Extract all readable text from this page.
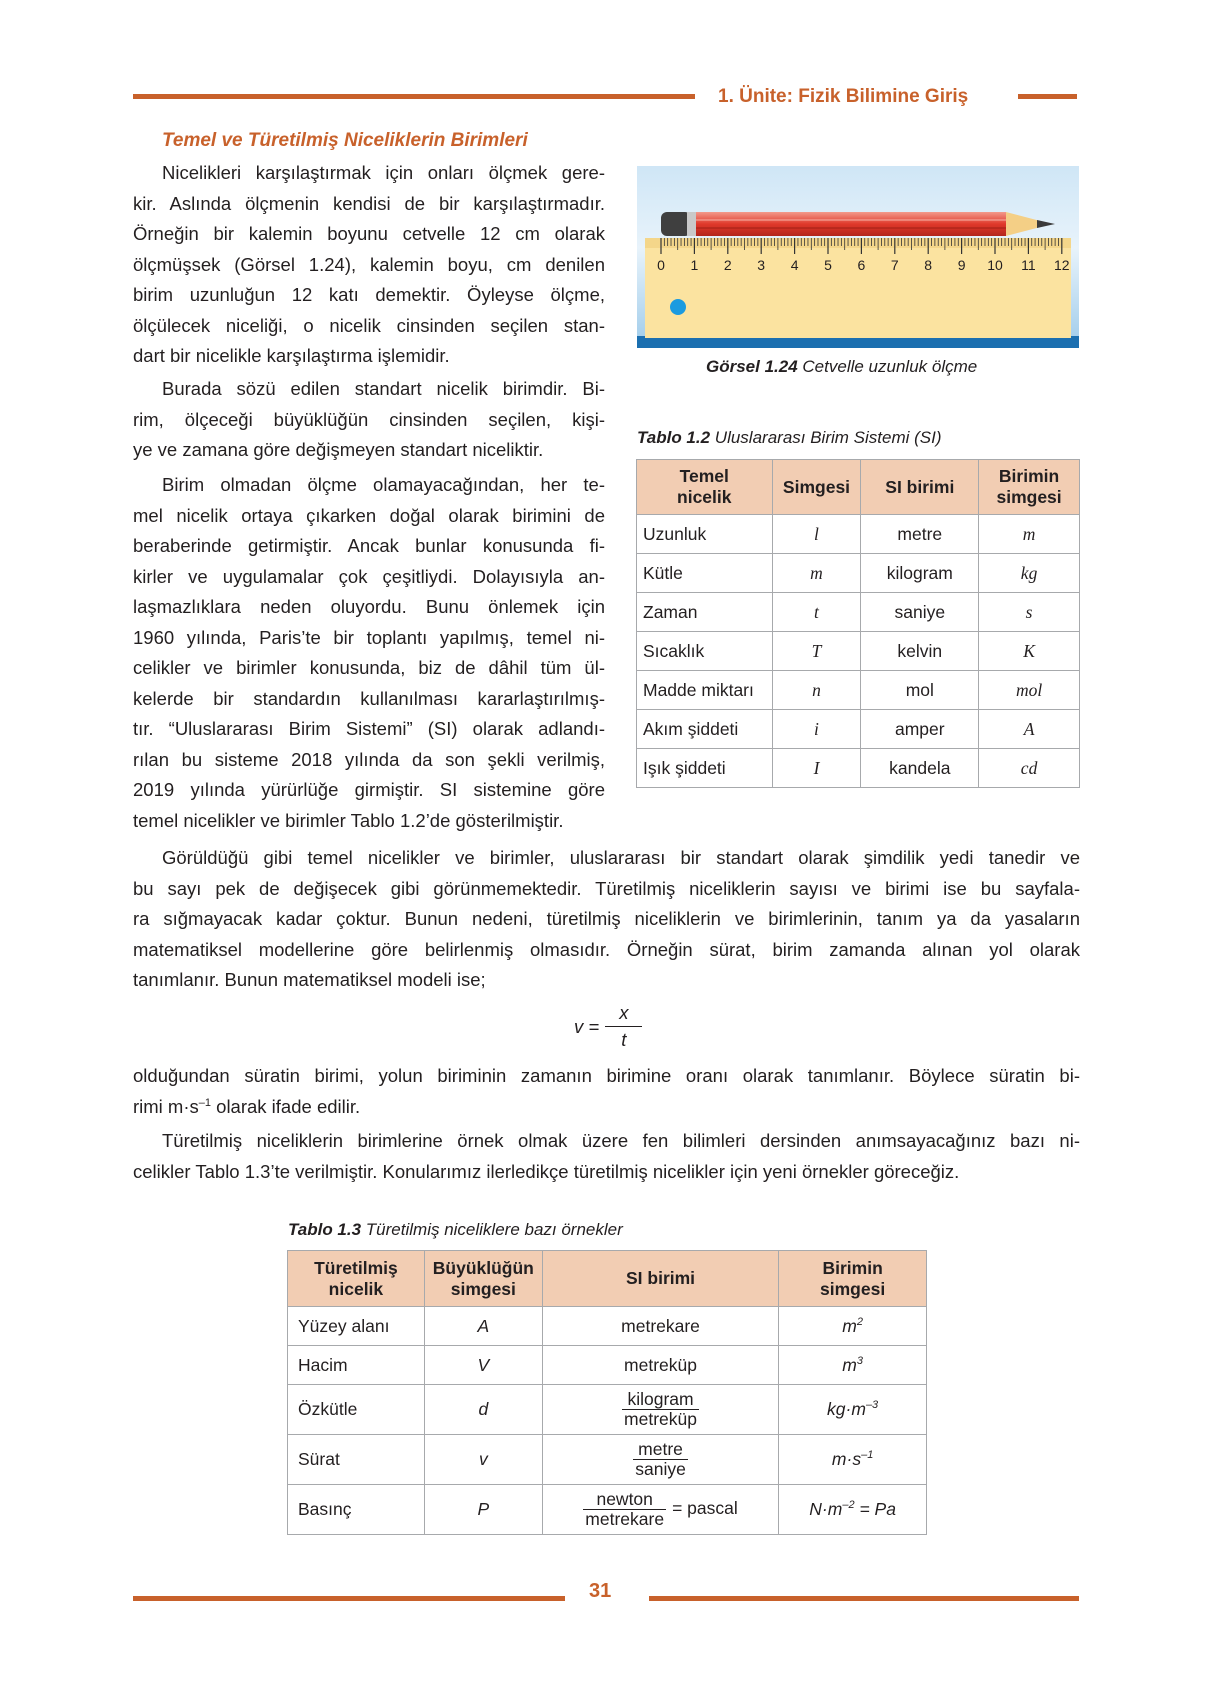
1. Ünite: Fizik Bilimine Giriş
Temel ve Türetilmiş Niceliklerin Birimleri
Nicelikleri karşılaştırmak için onları ölçmek gere-
kir. Aslında ölçmenin kendisi de bir karşılaştırmadır.
Örneğin bir kalemin boyunu cetvelle 12 cm olarak
ölçmüşsek (Görsel 1.24), kalemin boyu, cm denilen
birim uzunluğun 12 katı demektir. Öyleyse ölçme,
ölçülecek niceliği, o nicelik cinsinden seçilen stan-
dart bir nicelikle karşılaştırma işlemidir.
Burada sözü edilen standart nicelik birimdir. Bi-
rim, ölçeceği büyüklüğün cinsinden seçilen, kişi-
ye ve zamana göre değişmeyen standart niceliktir.
Birim olmadan ölçme olamayacağından, her te-
mel nicelik ortaya çıkarken doğal olarak birimini de
beraberinde getirmiştir. Ancak bunlar konusunda fi-
kirler ve uygulamalar çok çeşitliydi. Dolayısıyla an-
laşmazlıklara neden oluyordu. Bunu önlemek için
1960 yılında, Paris’te bir toplantı yapılmış, temel ni-
celikler ve birimler konusunda, biz de dâhil tüm ül-
kelerde bir standardın kullanılması kararlaştırılmış-
tır. “Uluslararası Birim Sistemi” (SI) olarak adlandı-
rılan bu sisteme 2018 yılında da son şekli verilmiş,
2019 yılında yürürlüğe girmiştir. SI sistemine göre
temel nicelikler ve birimler Tablo 1.2’de gösterilmiştir.
0 1 2 3 4 5 6 7 8 9 10 11 12
Görsel 1.24 Cetvelle uzunluk ölçme
Tablo 1.2 Uluslararası Birim Sistemi (SI)
Temel
nicelik	Simgesi	SI birimi	Birimin
simgesi
Uzunluk	l	metre	m
Kütle	m	kilogram	kg
Zaman	t	saniye	s
Sıcaklık	T	kelvin	K
Madde miktarı	n	mol	mol
Akım şiddeti	i	amper	A
Işık şiddeti	I	kandela	cd
Görüldüğü gibi temel nicelikler ve birimler, uluslararası bir standart olarak şimdilik yedi tanedir ve
bu sayı pek de değişecek gibi görünmemektedir. Türetilmiş niceliklerin sayısı ve birimi ise bu sayfala-
ra sığmayacak kadar çoktur. Bunun nedeni, türetilmiş niceliklerin ve birimlerinin, tanım ya da yasaların
matematiksel modellerine göre belirlenmiş olmasıdır. Örneğin sürat, birim zamanda alınan yol olarak
tanımlanır. Bunun matematiksel modeli ise;
$v = \frac{x}{t}$
olduğundan süratin birimi, yolun biriminin zamanın birimine oranı olarak tanımlanır. Böylece süratin bi-
rimi $m\cdot s^{-1}$ olarak ifade edilir.
Türetilmiş niceliklerin birimlerine örnek olmak üzere fen bilimleri dersinden anımsayacağınız bazı ni-
celikler Tablo 1.3’te verilmiştir. Konularımız ilerledikçe türetilmiş nicelikler için yeni örnekler göreceğiz.
Tablo 1.3 Türetilmiş niceliklere bazı örnekler
Türetilmiş
nicelik	Büyüklüğün
simgesi	SI birimi	Birimin
simgesi
Yüzey alanı	A	metrekare	$m^2$
Hacim	V	metreküp	$m^3$
Özkütle	d	$\frac{\text{kilogram}}{\text{metreküp}}$	$kg\cdot m^{-3}$
Sürat	v	$\frac{\text{metre}}{\text{saniye}}$	$m\cdot s^{-1}$
Basınç	P	$\frac{\text{newton}}{\text{metrekare}}$ = pascal	$N\cdot m^{-2} = Pa$
31
